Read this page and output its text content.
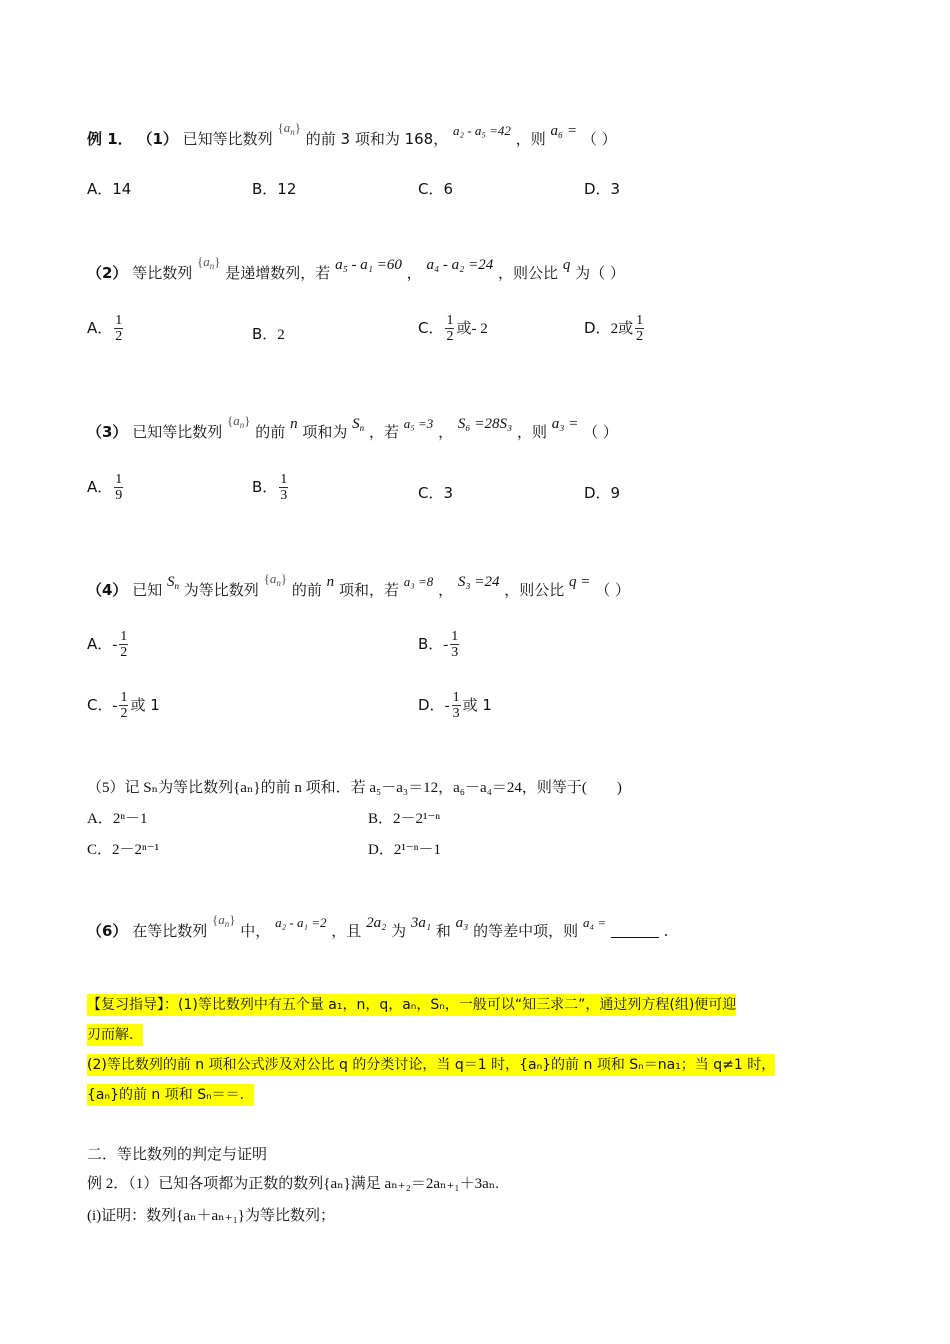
例 1． （1） 已知等比数列 $\{a_n\}$ 的前 3 项和为 168， a₂ - a₅ =42 ，则 a₆ = （ ）
A．14	B．12	C．6	D．3
（2） 等比数列 $\{a_n\}$ 是递增数列，若 a₅ - a₁ =60 ， a₄ - a₂ =24 ，则公比 q 为（ ）
A． $\frac{1}{2}$	B．2	C． $\frac{1}{2}$ 或- 2	D．2或 $\frac{1}{2}$
（3） 已知等比数列 $\{a_n\}$ 的前 n 项和为 $S_n$ ，若 a₅ =3 ， S₆ =28S₃ ，则 a₃ = （ ）
A． $\frac{1}{9}$	B． $\frac{1}{3}$	C．3	D．9
（4） 已知 $S_n$ 为等比数列 $\{a_n\}$ 的前 n 项和，若 a₃ =8 ， S₃ =24 ，则公比 q = （ ）
A．- $\frac{1}{2}$	B．- $\frac{1}{3}$
C．- $\frac{1}{2}$ 或 1	D．- $\frac{1}{3}$ 或 1
（5）记 Sₙ为等比数列{aₙ}的前 n 项和．若 a₅－a₃＝12，a₆－a₄＝24，则等于(　　)
A．2ⁿ－1	B．2－2¹⁻ⁿ
C．2－2ⁿ⁻¹	D．2¹⁻ⁿ－1
（6） 在等比数列 $\{a_n\}$ 中， a₂ - a₁ =2 ，且 2a₂ 为 3a₁ 和 a₃ 的等差中项，则 a₄ =	.
【复习指导】：(1)等比数列中有五个量 a₁，n，q，aₙ，Sₙ，一般可以“知三求二”，通过列方程(组)便可迎
刃而解．
(2)等比数列的前 n 项和公式涉及对公比 q 的分类讨论，当 q＝1 时，{aₙ}的前 n 项和 Sₙ＝na₁；当 q≠1 时，
{aₙ}的前 n 项和 Sₙ＝＝．
二．等比数列的判定与证明
例 2．（1）已知各项都为正数的数列{aₙ}满足 aₙ₊₂＝2aₙ₊₁＋3aₙ.
(i)证明：数列{aₙ＋aₙ₊₁}为等比数列；
